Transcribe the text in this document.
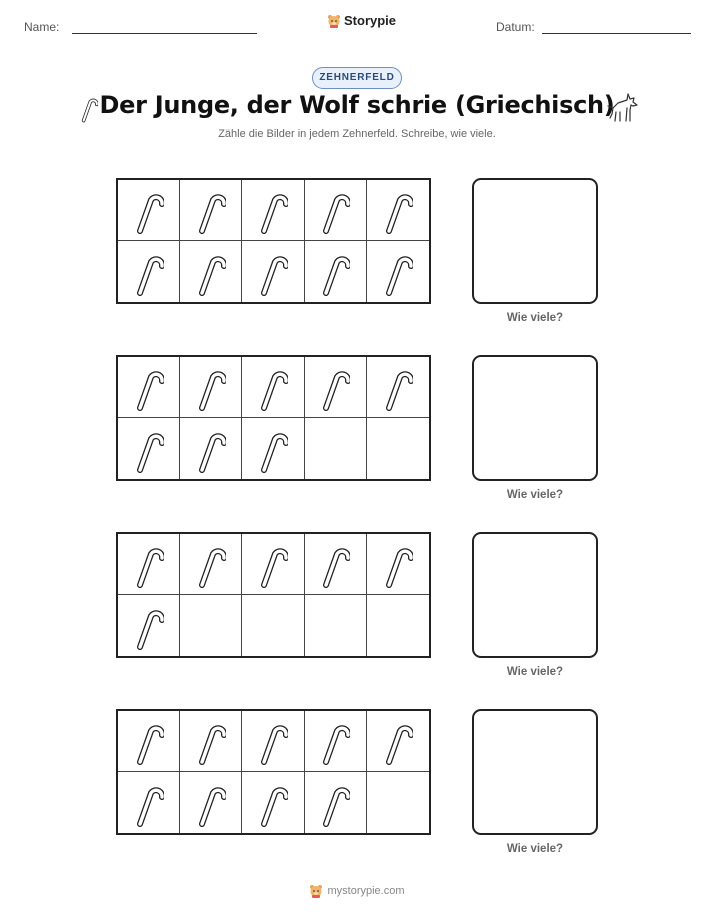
Name:	Storypie	Datum:
ZEHNERFELD
Der Junge, der Wolf schrie (Griechisch)
Zähle die Bilder in jedem Zehnerfeld. Schreibe, wie viele.
Wie viele?
Wie viele?
Wie viele?
Wie viele?
mystorypie.com
